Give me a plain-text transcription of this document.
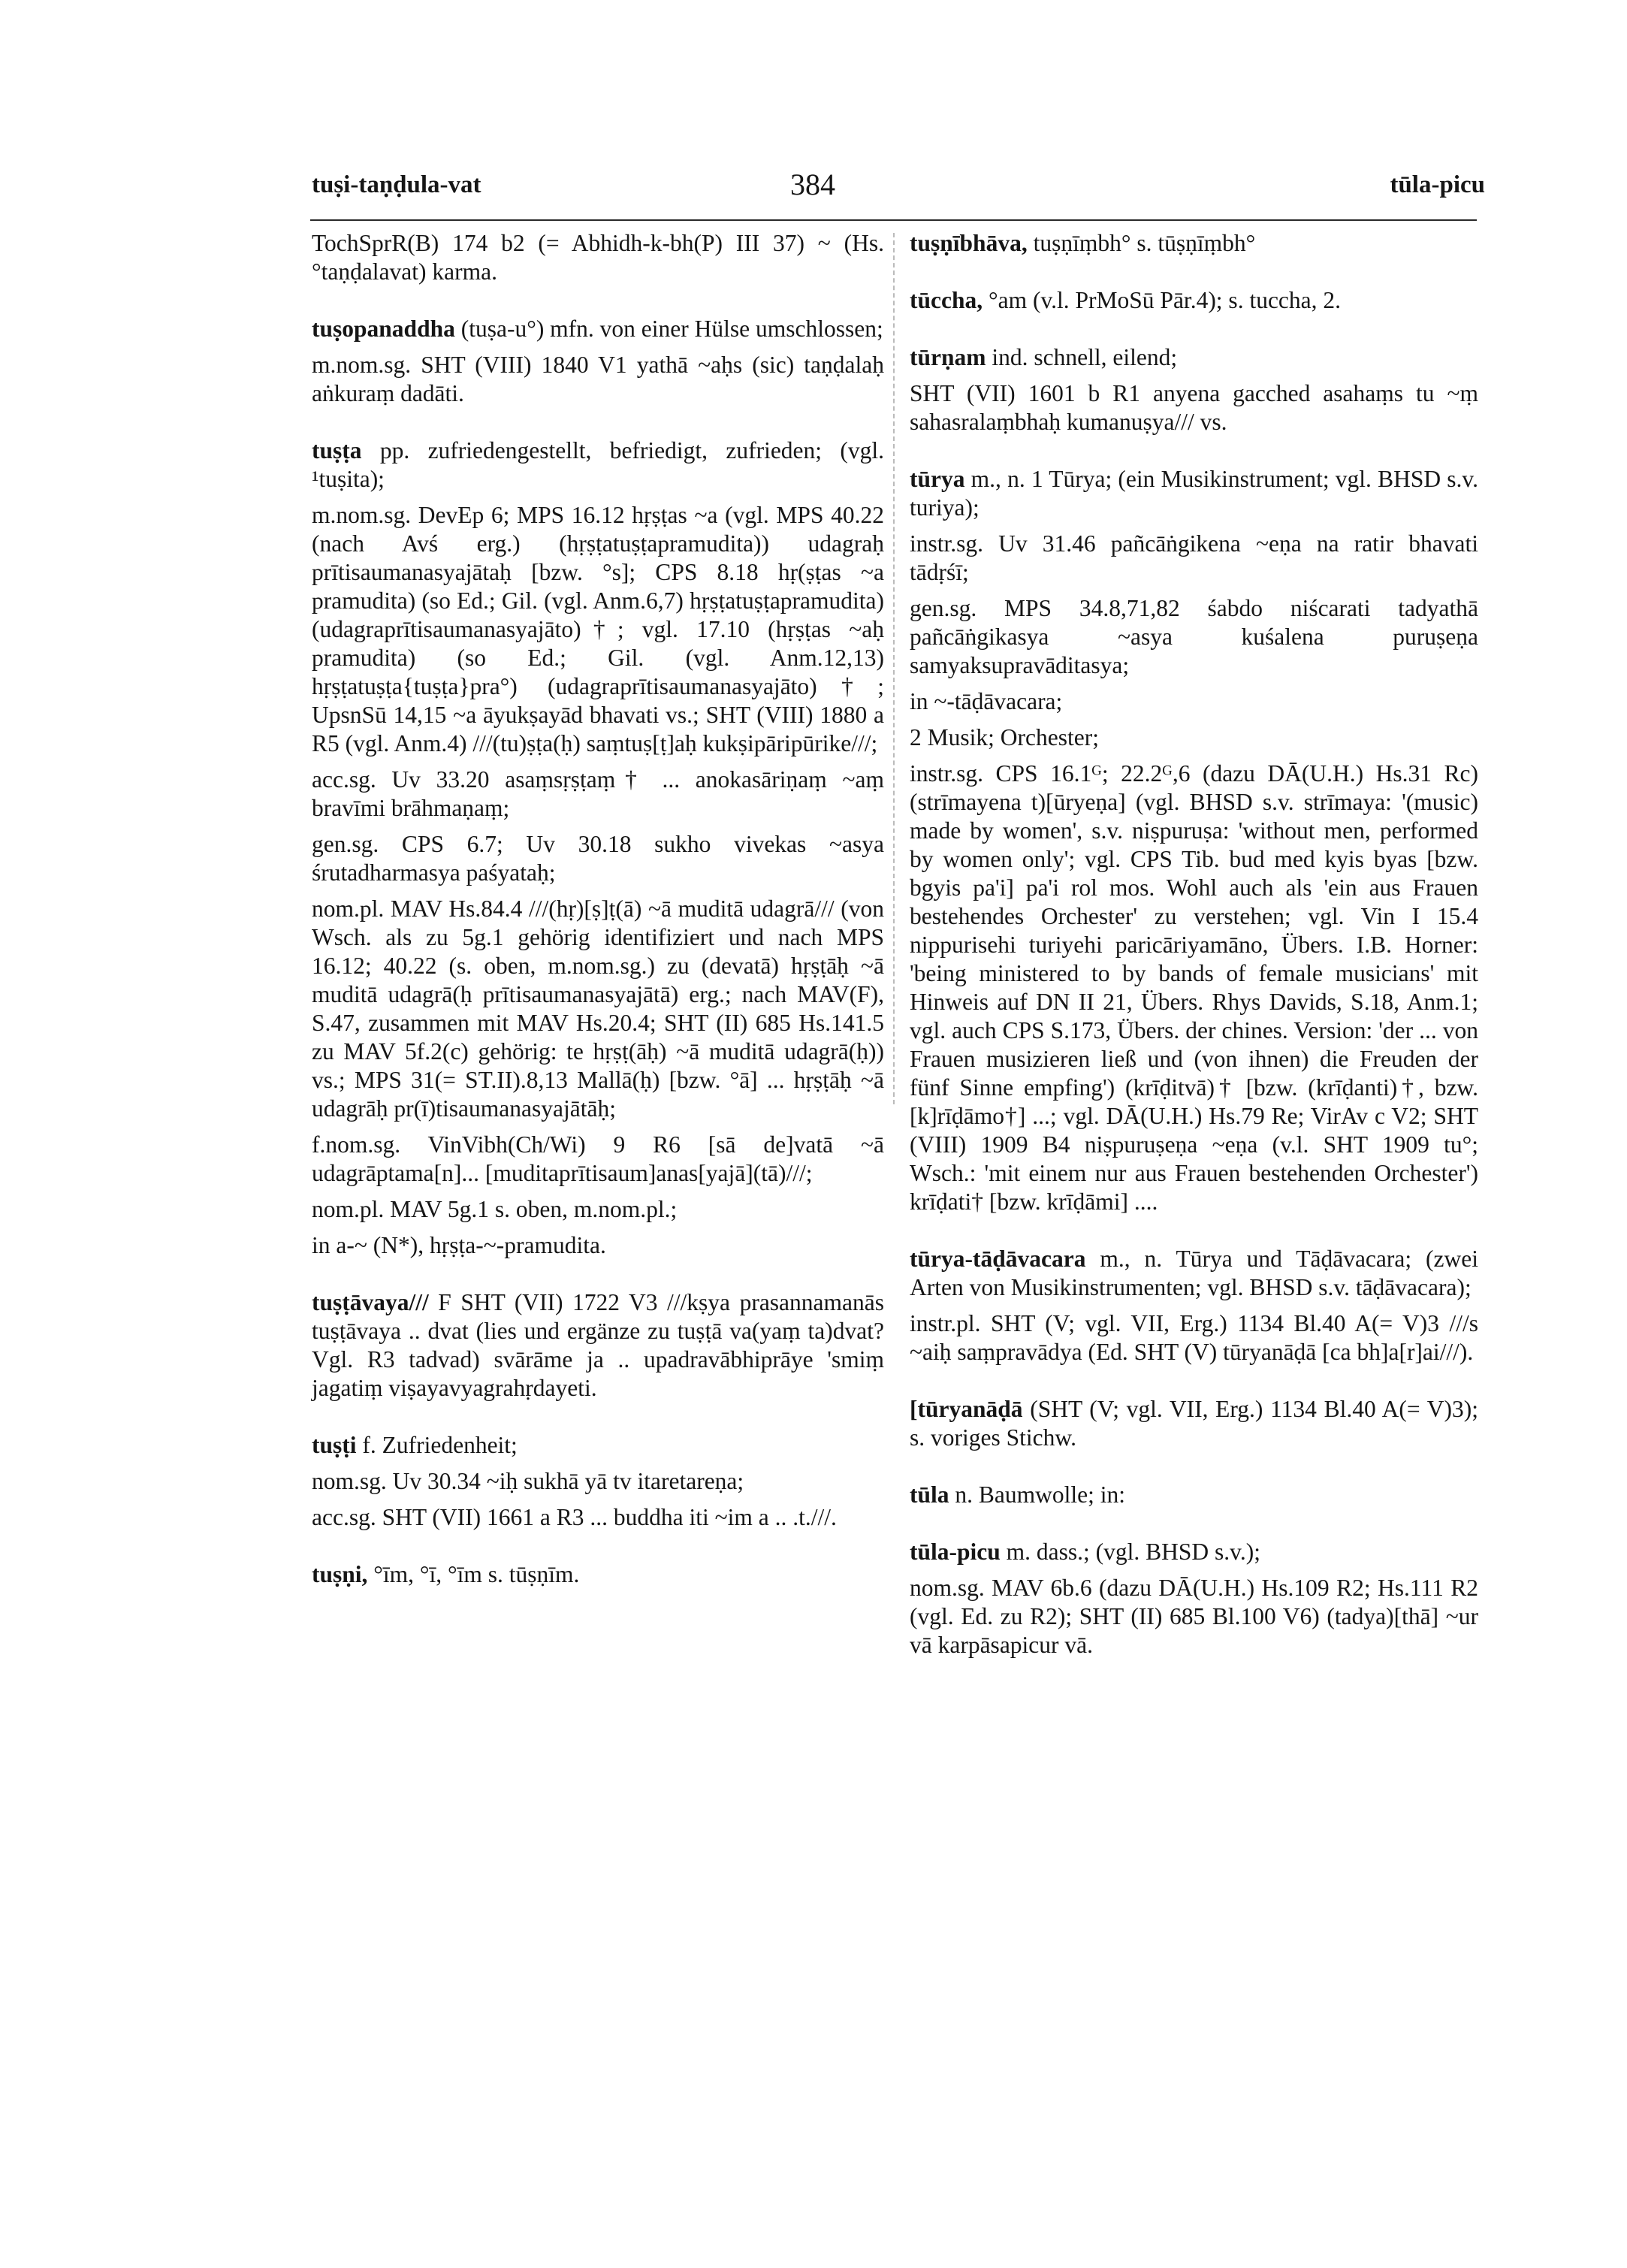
tuṣi-taṇḍula-vat	384	tūla-picu

TochSprR(B) 174 b2 (= Abhidh-k-bh(P) III 37) ~ (Hs. °taṇḍalavat) karma.

tuṣopanaddha (tuṣa-u°) mfn. von einer Hülse umschlossen;

m.nom.sg. SHT (VIII) 1840 V1 yathā ~aḥs (sic) taṇḍalaḥ aṅkuraṃ dadāti.

tuṣṭa pp. zufriedengestellt, befriedigt, zufrieden; (vgl. ¹tuṣita);

m.nom.sg. DevEp 6; MPS 16.12 hṛṣṭas ~a (vgl. MPS 40.22 (nach Avś erg.) (hṛṣṭatuṣṭapramudita)) udagraḥ prītisaumanasyajātaḥ [bzw. °s]; CPS 8.18 hṛ(ṣṭas ~a pramudita) (so Ed.; Gil. (vgl. Anm.6,7) hṛṣṭatuṣṭapramudita) (udagraprītisaumanasyajāto)†; vgl. 17.10 (hṛṣṭas ~aḥ pramudita) (so Ed.; Gil. (vgl. Anm.12,13) hṛṣṭatuṣṭa{tuṣṭa}pra°) (udagraprītisaumanasyajāto)†; UpsnSū 14,15 ~a āyukṣayād bhavati vs.; SHT (VIII) 1880 a R5 (vgl. Anm.4) ///(tu)ṣṭa(ḥ) saṃtuṣ[ṭ]aḥ kukṣipāripūrike///;

acc.sg. Uv 33.20 asaṃsṛṣṭaṃ† ... anokasāriṇaṃ ~aṃ bravīmi brāhmaṇaṃ;

gen.sg. CPS 6.7; Uv 30.18 sukho vivekas ~asya śrutadharmasya paśyataḥ;

nom.pl. MAV Hs.84.4 ///(hṛ)[ṣ]ṭ(ā) ~ā muditā udagrā/// (von Wsch. als zu 5g.1 gehörig identifiziert und nach MPS 16.12; 40.22 (s. oben, m.nom.sg.) zu (devatā) hṛṣṭāḥ ~ā muditā udagrā(ḥ prītisaumanasyajātā) erg.; nach MAV(F), S.47, zusammen mit MAV Hs.20.4; SHT (II) 685 Hs.141.5 zu MAV 5f.2(c) gehörig: te hṛṣṭ(āḥ) ~ā muditā udagrā(ḥ)) vs.; MPS 31(= ST.II).8,13 Mallā(ḥ) [bzw. °ā] ... hṛṣṭāḥ ~ā udagrāḥ pr(ī)tisaumanasyajātāḥ;

f.nom.sg. VinVibh(Ch/Wi) 9 R6 [sā de]vatā ~ā udagrāptama[n]... [muditaprītisaum]anas[yajā](tā)///;

nom.pl. MAV 5g.1 s. oben, m.nom.pl.;

in a-~ (N*), hṛṣṭa-~-pramudita.

tuṣṭāvaya/// F SHT (VII) 1722 V3 ///kṣya prasannamanās tuṣṭāvaya .. dvat (lies und ergänze zu tuṣṭā va(yaṃ ta)dvat? Vgl. R3 tadvad) svārāme ja .. upadravābhiprāye 'smiṃ jagatiṃ viṣayavyagrahṛdayeti.

tuṣṭi f. Zufriedenheit;

nom.sg. Uv 30.34 ~iḥ sukhā yā tv itaretareṇa;

acc.sg. SHT (VII) 1661 a R3 ... buddha iti ~im a .. .t.///.

tuṣṇi, °īm, °ī, °īm s. tūṣṇīm.

tuṣṇībhāva, tuṣṇīṃbh° s. tūṣṇīṃbh°

tūccha, °am (v.l. PrMoSū Pār.4); s. tuccha, 2.

tūrṇam ind. schnell, eilend;

SHT (VII) 1601 b R1 anyena gacched asahaṃs tu ~ṃ sahasralaṃbhaḥ kumanuṣya/// vs.

tūrya m., n. 1 Tūrya; (ein Musikinstrument; vgl. BHSD s.v. turiya);

instr.sg. Uv 31.46 pañcāṅgikena ~eṇa na ratir bhavati tādṛśī;

gen.sg. MPS 34.8,71,82 śabdo niścarati tadyathā pañcāṅgikasya ~asya kuśalena puruṣeṇa samyaksupravāditasya;

in ~-tāḍāvacara;

2 Musik; Orchester;

instr.sg. CPS 16.1ᴳ; 22.2ᴳ,6 (dazu DĀ(U.H.) Hs.31 Rc) (strīmayena t)[ūryeṇa] (vgl. BHSD s.v. strīmaya: '(music) made by women', s.v. niṣpuruṣa: 'without men, performed by women only'; vgl. CPS Tib. bud med kyis byas [bzw. bgyis pa'i] pa'i rol mos. Wohl auch als 'ein aus Frauen bestehendes Orchester' zu verstehen; vgl. Vin I 15.4 nippurisehi turiyehi paricāriyamāno, Übers. I.B. Horner: 'being ministered to by bands of female musicians' mit Hinweis auf DN II 21, Übers. Rhys Davids, S.18, Anm.1; vgl. auch CPS S.173, Übers. der chines. Version: 'der ... von Frauen musizieren ließ und (von ihnen) die Freuden der fünf Sinne empfing') (krīḍitvā)† [bzw. (krīḍanti)†, bzw. [k]rīḍāmo†] ...; vgl. DĀ(U.H.) Hs.79 Re; VirAv c V2; SHT (VIII) 1909 B4 niṣpuruṣeṇa ~eṇa (v.l. SHT 1909 tu°; Wsch.: 'mit einem nur aus Frauen bestehenden Orchester') krīḍati† [bzw. krīḍāmi] ....

tūrya-tāḍāvacara m., n. Tūrya und Tāḍāvacara; (zwei Arten von Musikinstrumenten; vgl. BHSD s.v. tāḍāvacara);

instr.pl. SHT (V; vgl. VII, Erg.) 1134 Bl.40 A(= V)3 ///s ~aiḥ saṃpravādya (Ed. SHT (V) tūryanāḍā [ca bh]a[r]ai///).

[tūryanāḍā (SHT (V; vgl. VII, Erg.) 1134 Bl.40 A(= V)3); s. voriges Stichw.

tūla n. Baumwolle; in:

tūla-picu m. dass.; (vgl. BHSD s.v.);

nom.sg. MAV 6b.6 (dazu DĀ(U.H.) Hs.109 R2; Hs.111 R2 (vgl. Ed. zu R2); SHT (II) 685 Bl.100 V6) (tadya)[thā] ~ur vā karpāsapicur vā.
